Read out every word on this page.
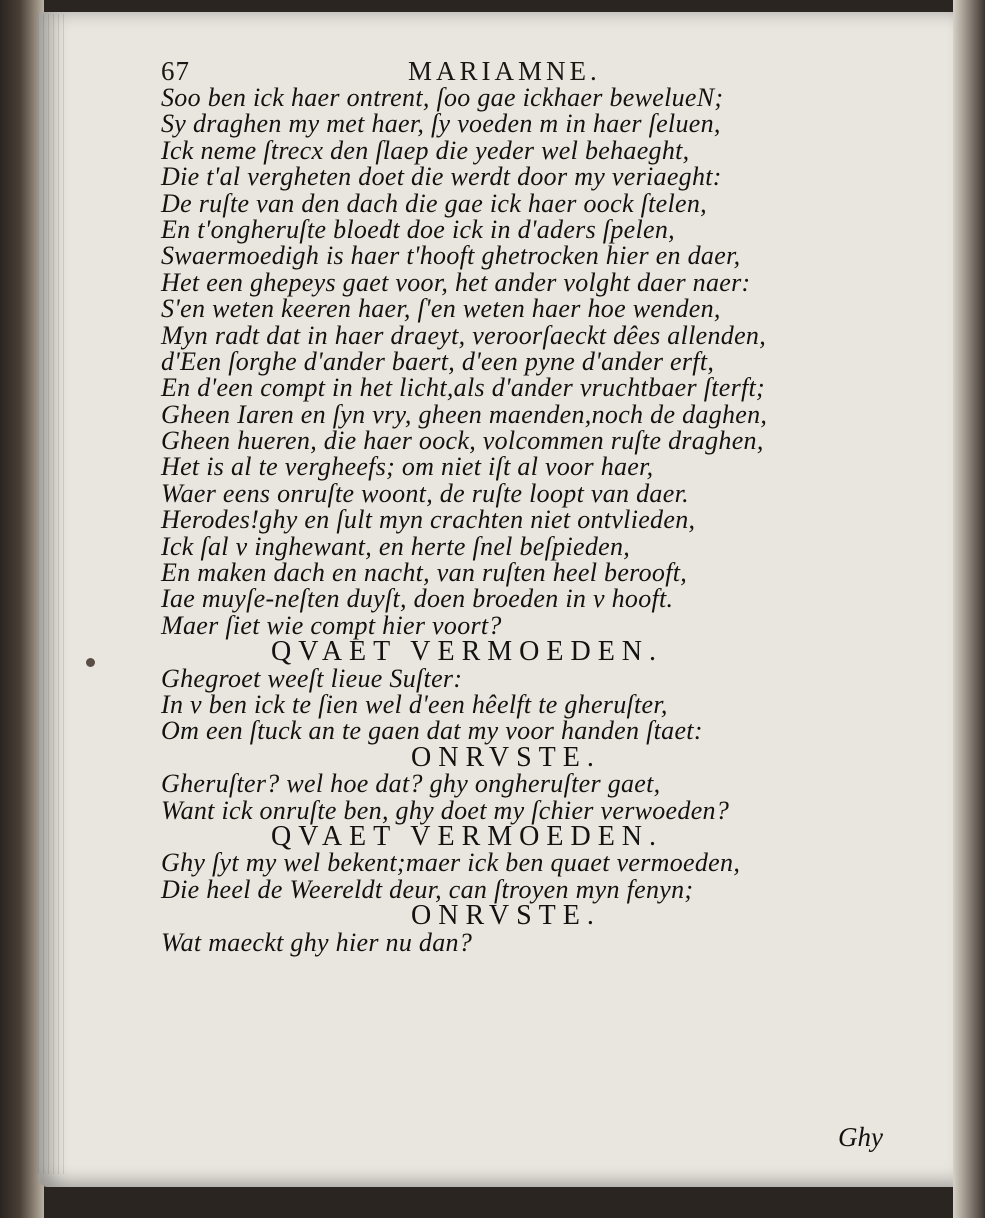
67	MARIAMNE.
Soo ben ick haer ontrent, ſoo gae ickhaer bewelueN;
Sy draghen my met haer, ſy voeden m in haer ſeluen,
Ick neme ſtrecx den ſlaep die yeder wel behaeght,
Die t'al vergheten doet die werdt door my veriaeght:
De ruſte van den dach die gae ick haer oock ſtelen,
En t'ongheruſte bloedt doe ick in d'aders ſpelen,
Swaermoedigh is haer t'hooft ghetrocken hier en daer,
Het een ghepeys gaet voor, het ander volght daer naer:
S'en weten keeren haer, ſ'en weten haer hoe wenden,
Myn radt dat in haer draeyt, veroorſaeckt dêes allenden,
d'Een ſorghe d'ander baert, d'een pyne d'ander erft,
En d'een compt in het licht,als d'ander vruchtbaer ſterft;
Gheen Iaren en ſyn vry, gheen maenden,noch de daghen,
Gheen hueren, die haer oock, volcommen ruſte draghen,
Het is al te vergheefs; om niet iſt al voor haer,
Waer eens onruſte woont, de ruſte loopt van daer.
Herodes!ghy en ſult myn crachten niet ontvlieden,
Ick ſal v inghewant, en herte ſnel beſpieden,
En maken dach en nacht, van ruſten heel berooft,
Iae muyſe-neſten duyſt, doen broeden in v hooft.
Maer ſiet wie compt hier voort?
QVAET VERMOEDEN.
Ghegroet weeſt lieue Suſter:
In v ben ick te ſien wel d'een hêelft te gheruſter,
Om een ſtuck an te gaen dat my voor handen ſtaet:
ONRVSTE.
Gheruſter? wel hoe dat? ghy ongheruſter gaet,
Want ick onruſte ben, ghy doet my ſchier verwoeden?
QVAET VERMOEDEN.
Ghy ſyt my wel bekent;maer ick ben quaet vermoeden,
Die heel de Weereldt deur, can ſtroyen myn fenyn;
ONRVSTE.
Wat maeckt ghy hier nu dan?
Ghy
